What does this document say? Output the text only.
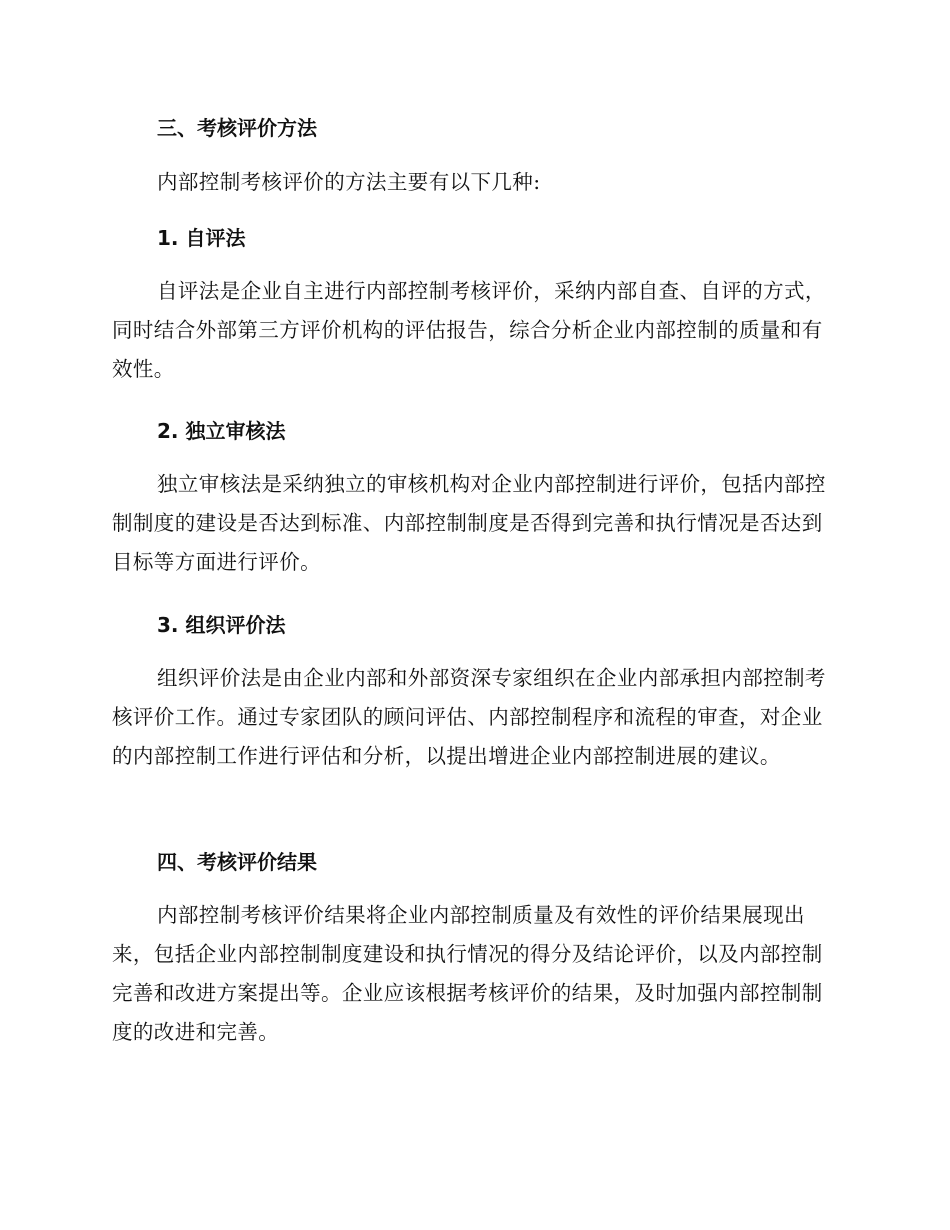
三、考核评价方法
内部控制考核评价的方法主要有以下几种:
1. 自评法
自评法是企业自主进行内部控制考核评价，采纳内部自查、自评的方式，同时结合外部第三方评价机构的评估报告，综合分析企业内部控制的质量和有效性。
2. 独立审核法
独立审核法是采纳独立的审核机构对企业内部控制进行评价，包括内部控制制度的建设是否达到标准、内部控制制度是否得到完善和执行情况是否达到目标等方面进行评价。
3. 组织评价法
组织评价法是由企业内部和外部资深专家组织在企业内部承担内部控制考核评价工作。通过专家团队的顾问评估、内部控制程序和流程的审查，对企业的内部控制工作进行评估和分析，以提出增进企业内部控制进展的建议。
四、考核评价结果
内部控制考核评价结果将企业内部控制质量及有效性的评价结果展现出来，包括企业内部控制制度建设和执行情况的得分及结论评价，以及内部控制完善和改进方案提出等。企业应该根据考核评价的结果，及时加强内部控制制度的改进和完善。
